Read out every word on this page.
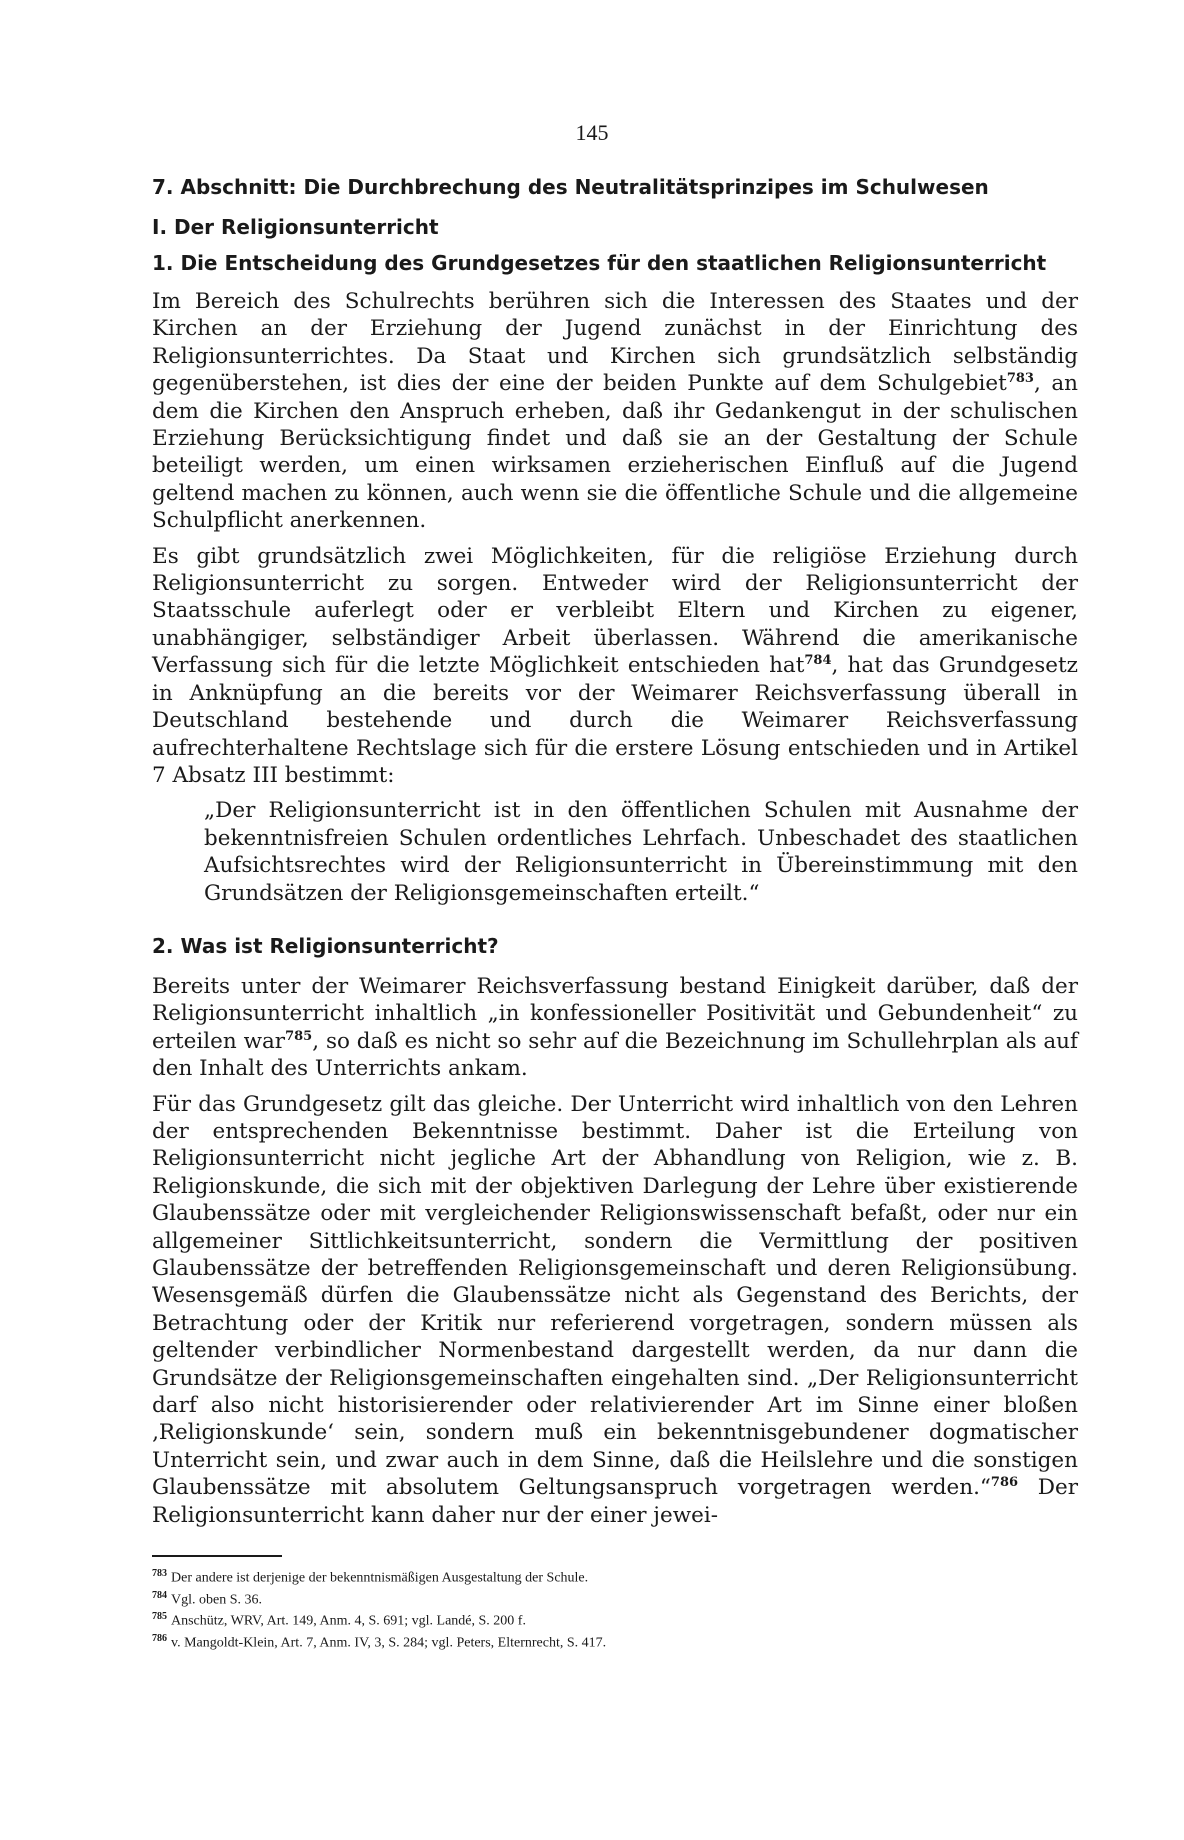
145
7. Abschnitt: Die Durchbrechung des Neutralitätsprinzipes im Schulwesen
I. Der Religionsunterricht
1. Die Entscheidung des Grundgesetzes für den staatlichen Religionsunterricht

Im Bereich des Schulrechts berühren sich die Interessen des Staates und der Kirchen an der Erziehung der Jugend zunächst in der Einrichtung des Religionsunterrichtes. Da Staat und Kirchen sich grundsätzlich selbständig gegenüberstehen, ist dies der eine der beiden Punkte auf dem Schulgebiet$^{783}$, an dem die Kirchen den Anspruch erheben, daß ihr Gedankengut in der schulischen Erziehung Berücksichtigung findet und daß sie an der Gestaltung der Schule beteiligt werden, um einen wirksamen erzieherischen Einfluß auf die Jugend geltend machen zu können, auch wenn sie die öffentliche Schule und die allgemeine Schulpflicht anerkennen.

Es gibt grundsätzlich zwei Möglichkeiten, für die religiöse Erziehung durch Religionsunterricht zu sorgen. Entweder wird der Religionsunterricht der Staatsschule auferlegt oder er verbleibt Eltern und Kirchen zu eigener, unabhängiger, selbständiger Arbeit überlassen. Während die amerikanische Verfassung sich für die letzte Möglichkeit entschieden hat$^{784}$, hat das Grundgesetz in Anknüpfung an die bereits vor der Weimarer Reichsverfassung überall in Deutschland bestehende und durch die Weimarer Reichsverfassung aufrechterhaltene Rechtslage sich für die erstere Lösung entschieden und in Artikel 7 Absatz III bestimmt:

„Der Religionsunterricht ist in den öffentlichen Schulen mit Ausnahme der bekenntnisfreien Schulen ordentliches Lehrfach. Unbeschadet des staatlichen Aufsichtsrechtes wird der Religionsunterricht in Übereinstimmung mit den Grundsätzen der Religionsgemeinschaften erteilt.“

2. Was ist Religionsunterricht?

Bereits unter der Weimarer Reichsverfassung bestand Einigkeit darüber, daß der Religionsunterricht inhaltlich „in konfessioneller Positivität und Gebundenheit“ zu erteilen war$^{785}$, so daß es nicht so sehr auf die Bezeichnung im Schullehrplan als auf den Inhalt des Unterrichts ankam.

Für das Grundgesetz gilt das gleiche. Der Unterricht wird inhaltlich von den Lehren der entsprechenden Bekenntnisse bestimmt. Daher ist die Erteilung von Religionsunterricht nicht jegliche Art der Abhandlung von Religion, wie z. B. Religionskunde, die sich mit der objektiven Darlegung der Lehre über existierende Glaubenssätze oder mit vergleichender Religionswissenschaft befaßt, oder nur ein allgemeiner Sittlichkeitsunterricht, sondern die Vermittlung der positiven Glaubenssätze der betreffenden Religionsgemeinschaft und deren Religionsübung. Wesensgemäß dürfen die Glaubenssätze nicht als Gegenstand des Berichts, der Betrachtung oder der Kritik nur referierend vorgetragen, sondern müssen als geltender verbindlicher Normenbestand dargestellt werden, da nur dann die Grundsätze der Religionsgemeinschaften eingehalten sind. „Der Religionsunterricht darf also nicht historisierender oder relativierender Art im Sinne einer bloßen ‚Religionskunde‘ sein, sondern muß ein bekenntnisgebundener dogmatischer Unterricht sein, und zwar auch in dem Sinne, daß die Heilslehre und die sonstigen Glaubenssätze mit absolutem Geltungsanspruch vorgetragen werden.“$^{786}$ Der Religionsunterricht kann daher nur der einer jewei-

$^{783}$ Der andere ist derjenige der bekenntnismäßigen Ausgestaltung der Schule.

$^{784}$ Vgl. oben S. 36.

$^{785}$ Anschütz, WRV, Art. 149, Anm. 4, S. 691; vgl. Landé, S. 200 f.

$^{786}$ v. Mangoldt-Klein, Art. 7, Anm. IV, 3, S. 284; vgl. Peters, Elternrecht, S. 417.
